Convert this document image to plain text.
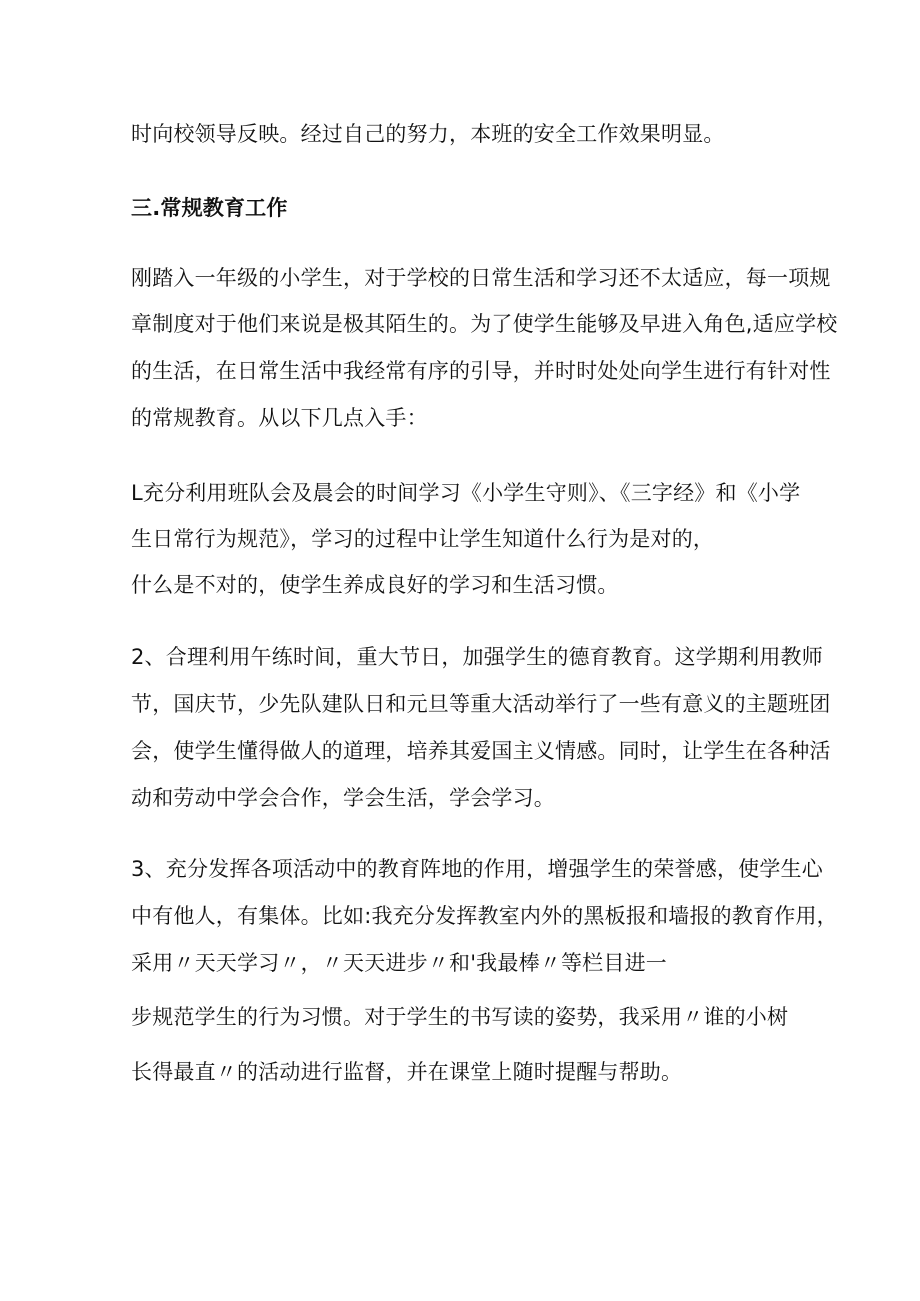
时向校领导反映。经过自己的努力，本班的安全工作效果明显。
三.常规教育工作
刚踏入一年级的小学生，对于学校的日常生活和学习还不太适应，每一项规
章制度对于他们来说是极其陌生的。为了使学生能够及早进入角色,适应学校
的生活，在日常生活中我经常有序的引导，并时时处处向学生进行有针对性
的常规教育。从以下几点入手：
L充分利用班队会及晨会的时间学习《小学生守则》、《三字经》和《小学
生日常行为规范》，学习的过程中让学生知道什么行为是对的，
什么是不对的，使学生养成良好的学习和生活习惯。
2、合理利用午练时间，重大节日，加强学生的德育教育。这学期利用教师
节，国庆节，少先队建队日和元旦等重大活动举行了一些有意义的主题班团
会，使学生懂得做人的道理，培养其爱国主义情感。同时，让学生在各种活
动和劳动中学会合作，学会生活，学会学习。
3、充分发挥各项活动中的教育阵地的作用，增强学生的荣誉感，使学生心
中有他人，有集体。比如:我充分发挥教室内外的黑板报和墙报的教育作用，
采用〃天天学习〃，〃天天进步〃和'我最棒〃等栏目进一
步规范学生的行为习惯。对于学生的书写读的姿势，我采用〃谁的小树
长得最直〃的活动进行监督，并在课堂上随时提醒与帮助。
